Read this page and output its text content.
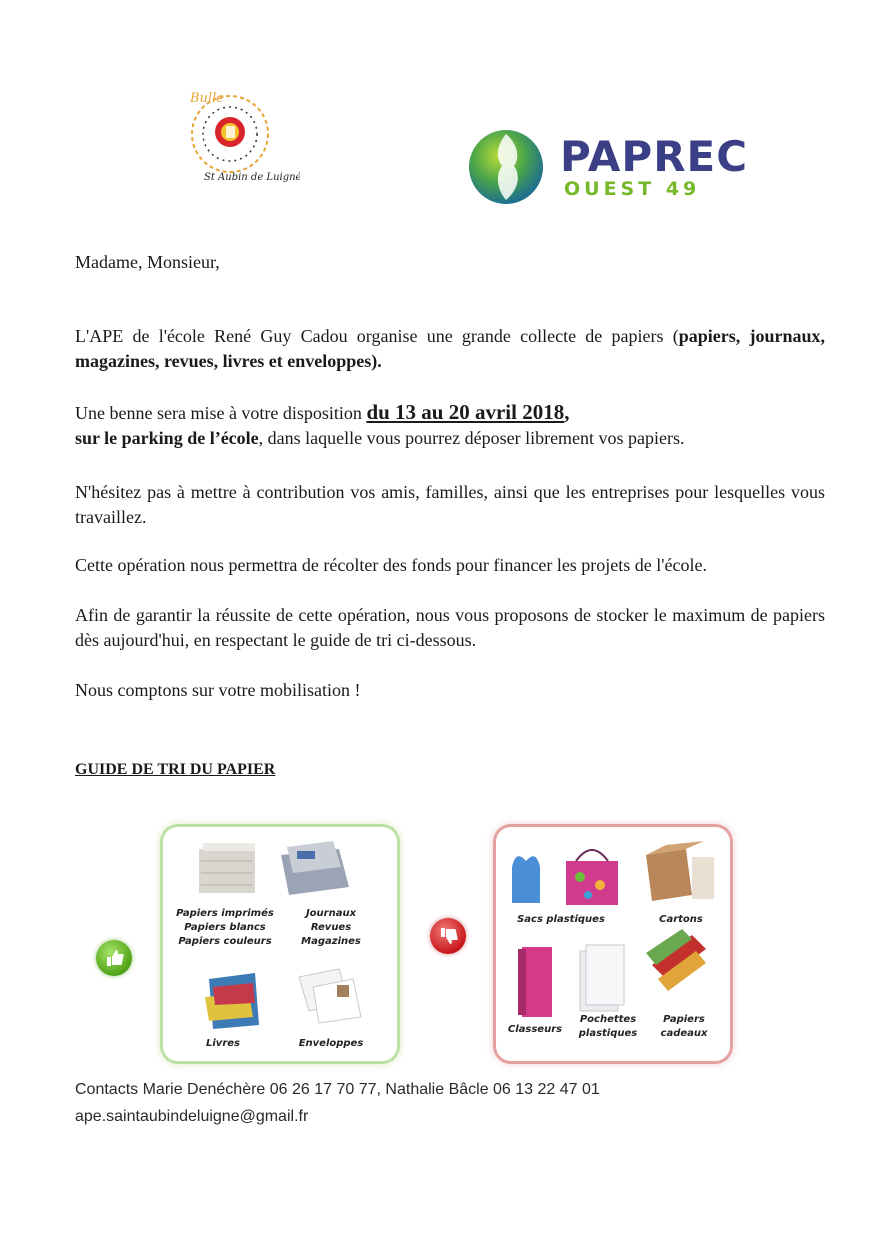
Bulle
St Aubin de Luigné	PAPREC
OUEST 49
Madame, Monsieur,
L'APE de l'école René Guy Cadou organise une grande collecte de papiers (papiers, journaux, magazines, revues, livres et enveloppes).
Une benne sera mise à votre disposition du 13 au 20 avril 2018,
sur le parking de l’école, dans laquelle vous pourrez déposer librement vos papiers.
N'hésitez pas à mettre à contribution vos amis, familles, ainsi que les entreprises pour lesquelles vous travaillez.
Cette opération nous permettra de récolter des fonds pour financer les projets de l'école.
Afin de garantir la réussite de cette opération, nous vous proposons de stocker le maximum de papiers dès aujourd'hui, en respectant le guide de tri ci-dessous.
Nous comptons sur votre mobilisation !
GUIDE DE TRI DU PAPIER
Papiers imprimés
Papiers blancs
Papiers couleurs
Journaux
Revues
Magazines
Livres	Enveloppes
Sacs plastiques	Cartons
Classeurs
Pochettes
plastiques
Papiers
cadeaux
Contacts Marie Denéchère 06 26 17 70 77, Nathalie Bâcle 06 13 22 47 01
ape.saintaubindeluigne@gmail.fr
